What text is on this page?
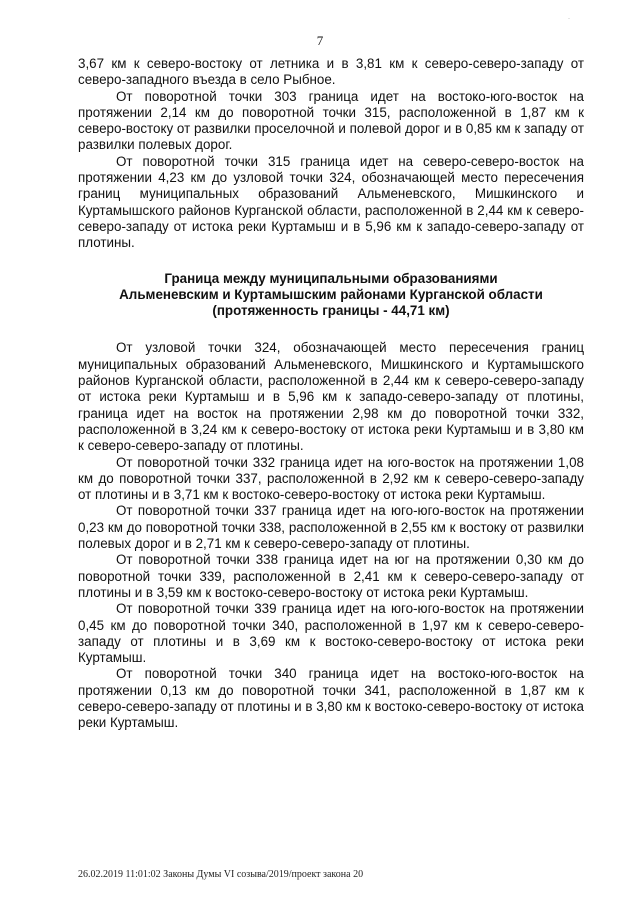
·
7

3,67 км к северо-востоку от летника и в 3,81 км к северо-северо-западу от северо-западного въезда в село Рыбное.

От поворотной точки 303 граница идет на востоко-юго-восток на протяжении 2,14 км до поворотной точки 315, расположенной в 1,87 км к северо-востоку от развилки проселочной и полевой дорог и в 0,85 км к западу от развилки полевых дорог.

От поворотной точки 315 граница идет на северо-северо-восток на протяжении 4,23 км до узловой точки 324, обозначающей место пересечения границ муниципальных образований Альменевского, Мишкинского и Куртамышского районов Курганской области, расположенной в 2,44 км к северо-северо-западу от истока реки Куртамыш и в 5,96 км к западо-северо-западу от плотины.

Граница между муниципальными образованиями
Альменевским и Куртамышским районами Курганской области
(протяженность границы - 44,71 км)

От узловой точки 324, обозначающей место пересечения границ муниципальных образований Альменевского, Мишкинского и Куртамышского районов Курганской области, расположенной в 2,44 км к северо-северо-западу от истока реки Куртамыш и в 5,96 км к западо-северо-западу от плотины, граница идет на восток на протяжении 2,98 км до поворотной точки 332, расположенной в 3,24 км к северо-востоку от истока реки Куртамыш и в 3,80 км к северо-северо-западу от плотины.

От поворотной точки 332 граница идет на юго-восток на протяжении 1,08 км до поворотной точки 337, расположенной в 2,92 км к северо-северо-западу от плотины и в 3,71 км к востоко-северо-востоку от истока реки Куртамыш.

От поворотной точки 337 граница идет на юго-юго-восток на протяжении 0,23 км до поворотной точки 338, расположенной в 2,55 км к востоку от развилки полевых дорог и в 2,71 км к северо-северо-западу от плотины.

От поворотной точки 338 граница идет на юг на протяжении 0,30 км до поворотной точки 339, расположенной в 2,41 км к северо-северо-западу от плотины и в 3,59 км к востоко-северо-востоку от истока реки Куртамыш.

От поворотной точки 339 граница идет на юго-юго-восток на протяжении 0,45 км до поворотной точки 340, расположенной в 1,97 км к северо-северо-западу от плотины и в 3,69 км к востоко-северо-востоку от истока реки Куртамыш.

От поворотной точки 340 граница идет на востоко-юго-восток на протяжении 0,13 км до поворотной точки 341, расположенной в 1,87 км к северо-северо-западу от плотины и в 3,80 км к востоко-северо-востоку от истока реки Куртамыш.

26.02.2019 11:01:02 Законы Думы VI созыва/2019/проект закона 20
